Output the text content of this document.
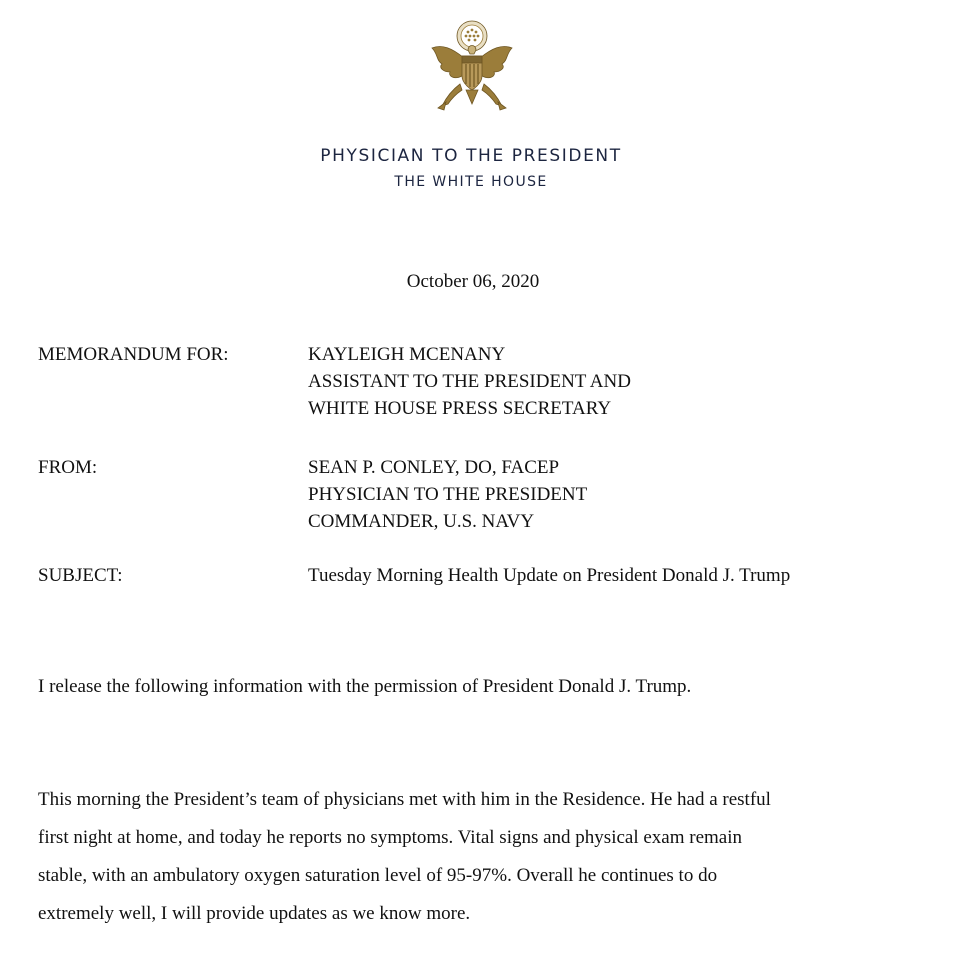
PHYSICIAN TO THE PRESIDENT
THE WHITE HOUSE
October 06, 2020
MEMORANDUM FOR:	KAYLEIGH MCENANY
ASSISTANT TO THE PRESIDENT AND
WHITE HOUSE PRESS SECRETARY
FROM:	SEAN P. CONLEY, DO, FACEP
PHYSICIAN TO THE PRESIDENT
COMMANDER, U.S. NAVY
SUBJECT:	Tuesday Morning Health Update on President Donald J. Trump
I release the following information with the permission of President Donald J. Trump.
This morning the President’s team of physicians met with him in the Residence. He had a restful
first night at home, and today he reports no symptoms. Vital signs and physical exam remain
stable, with an ambulatory oxygen saturation level of 95-97%. Overall he continues to do
extremely well, I will provide updates as we know more.
